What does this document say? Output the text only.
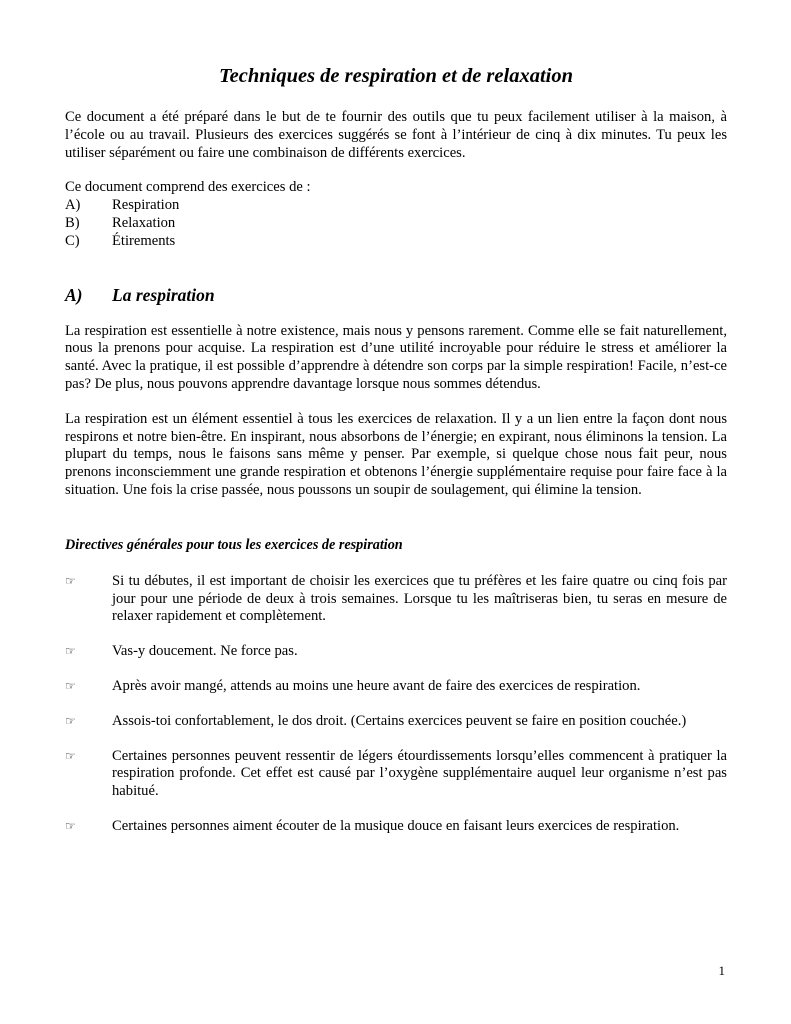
Techniques de respiration et de relaxation

Ce document a été préparé dans le but de te fournir des outils que tu peux facilement utiliser à la maison, à l’école ou au travail. Plusieurs des exercices suggérés se font à l’intérieur de cinq à dix minutes. Tu peux les utiliser séparément ou faire une combinaison de différents exercices.

Ce document comprend des exercices de :

A)	Respiration
B)	Relaxation
C)	Étirements
A)	La respiration

La respiration est essentielle à notre existence, mais nous y pensons rarement. Comme elle se fait naturellement, nous la prenons pour acquise. La respiration est d’une utilité incroyable pour réduire le stress et améliorer la santé. Avec la pratique, il est possible d’apprendre à détendre son corps par la simple respiration! Facile, n’est-ce pas? De plus, nous pouvons apprendre davantage lorsque nous sommes détendus.

La respiration est un élément essentiel à tous les exercices de relaxation. Il y a un lien entre la façon dont nous respirons et notre bien-être. En inspirant, nous absorbons de l’énergie; en expirant, nous éliminons la tension. La plupart du temps, nous le faisons sans même y penser. Par exemple, si quelque chose nous fait peur, nous prenons inconsciemment une grande respiration et obtenons l’énergie supplémentaire requise pour faire face à la situation. Une fois la crise passée, nous poussons un soupir de soulagement, qui élimine la tension.

Directives générales pour tous les exercices de respiration
☞	Si tu débutes, il est important de choisir les exercices que tu préfères et les faire quatre ou cinq fois par jour pour une période de deux à trois semaines. Lorsque tu les maîtriseras bien, tu seras en mesure de relaxer rapidement et complètement.
☞	Vas-y doucement. Ne force pas.
☞	Après avoir mangé, attends au moins une heure avant de faire des exercices de respiration.
☞	Assois-toi confortablement, le dos droit. (Certains exercices peuvent se faire en position couchée.)
☞	Certaines personnes peuvent ressentir de légers étourdissements lorsqu’elles commencent à pratiquer la respiration profonde. Cet effet est causé par l’oxygène supplémentaire auquel leur organisme n’est pas habitué.
☞	Certaines personnes aiment écouter de la musique douce en faisant leurs exercices de respiration.
1
